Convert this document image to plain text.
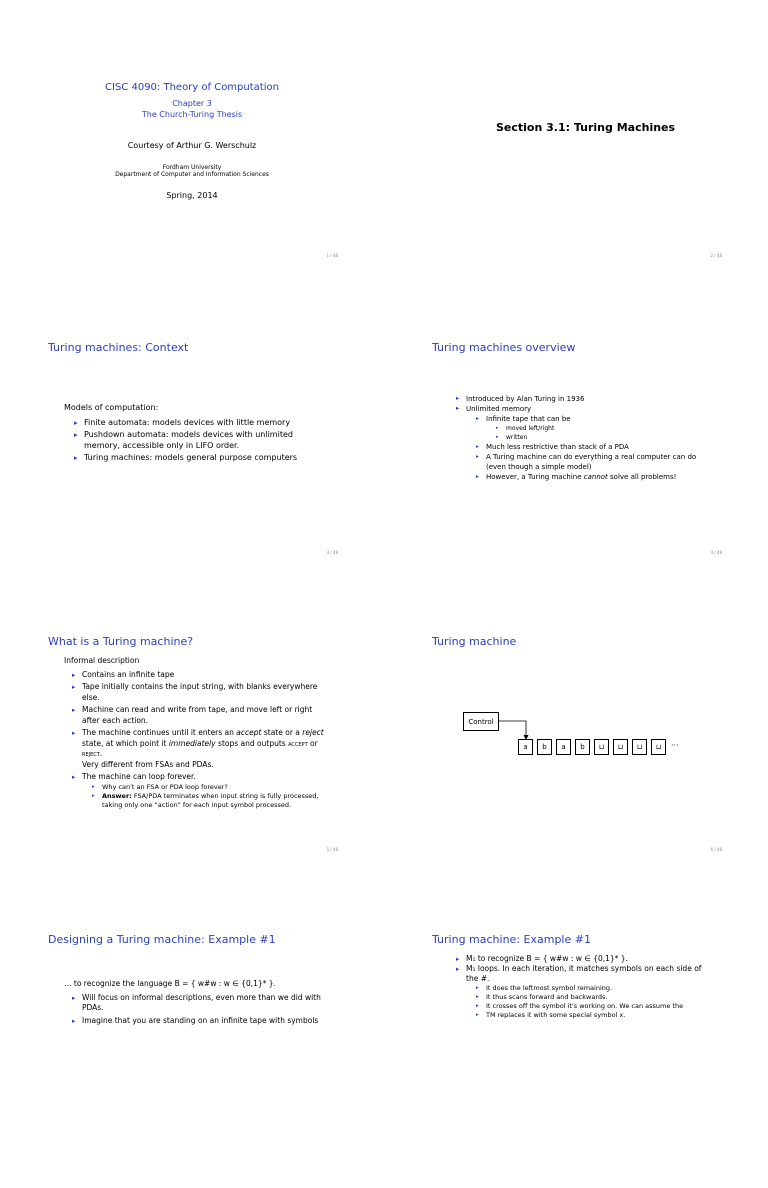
CISC 4090: Theory of Computation
Chapter 3
The Church-Turing Thesis
Courtesy of Arthur G. Werschulz
Fordham University
Department of Computer and Information Sciences
Spring, 2014
1 / 48
Section 3.1: Turing Machines
2 / 48
Turing machines: Context
Models of computation:
▸ Finite automata: models devices with little memory
▸ Pushdown automata: models devices with unlimited memory, accessible only in LIFO order.
▸ Turing machines: models general purpose computers
3 / 48
Turing machines overview
▸ Introduced by Alan Turing in 1936
▸ Unlimited memory
▸ Infinite tape that can be
▸ moved left/right
▸ written
▸ Much less restrictive than stack of a PDA
▸ A Turing machine can do everything a real computer can do (even though a simple model)
▸ However, a Turing machine cannot solve all problems!
4 / 48
What is a Turing machine?
Informal description
▸ Contains an infinite tape
▸ Tape initially contains the input string, with blanks everywhere else.
▸ Machine can read and write from tape, and move left or right after each action.
▸ The machine continues until it enters an accept state or a reject state, at which point it immediately stops and outputs accept or reject.
Very different from FSAs and PDAs.
▸ The machine can loop forever.
▸ Why can't an FSA or PDA loop forever?
▸ Answer: FSA/PDA terminates when input string is fully processed, taking only one “action” for each input symbol processed.
5 / 48
Turing machine
Control
a	b	a	b	⊔	⊔	⊔	⊔	···
6 / 48
Designing a Turing machine: Example #1
… to recognize the language B = { w#w : w ∈ {0,1}* }.
▸ Will focus on informal descriptions, even more than we did with PDAs.
▸ Imagine that you are standing on an infinite tape with symbols
Turing machine: Example #1
▸ M₁ to recognize B = { w#w : w ∈ {0,1}* }.
▸ M₁ loops. In each iteration, it matches symbols on each side of the #.
▸ It does the leftmost symbol remaining.
▸ It thus scans forward and backwards.
▸ It crosses off the symbol it's working on. We can assume the
▸ TM replaces it with some special symbol x.
